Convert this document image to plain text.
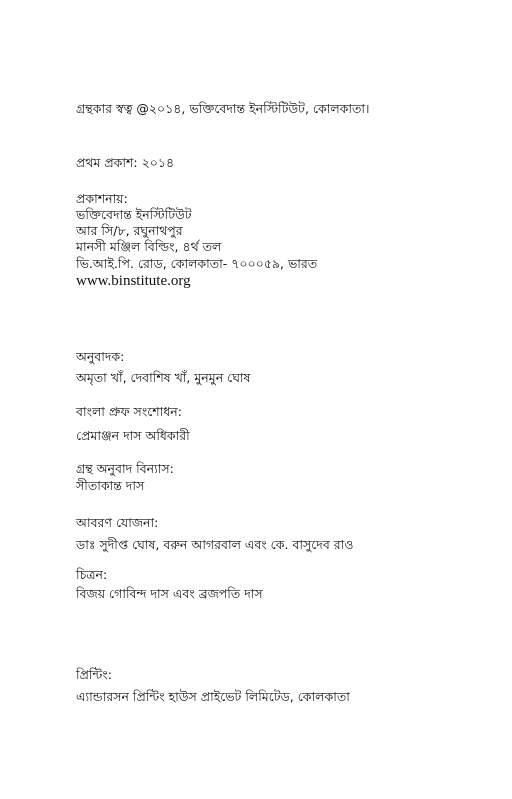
গ্রন্থকার স্বত্ব @২০১৪, ভক্তিবেদান্ত ইনস্টিটিউট, কোলকাতা।

প্রথম প্রকাশ: ২০১৪

প্রকাশনায়:

ভক্তিবেদান্ত ইনস্টিটিউট

আর সি/৮, রঘুনাথপুর

মানসী মঞ্জিল বিল্ডিং, ৪র্থ তল

ভি.আই.পি. রোড, কোলকাতা- ৭০০০৫৯, ভারত

www.binstitute.org

অনুবাদক:

অমৃতা খাঁ, দেবাশিষ খাঁ, মুনমুন ঘোষ

বাংলা প্রুফ সংশোধন:

প্রেমাঞ্জন দাস অধিকারী

গ্রন্থ অনুবাদ বিন্যাস:

সীতাকান্ত দাস

আবরণ যোজনা:

ডাঃ সুদীপ্ত ঘোষ, বরুন আগরবাল এবং কে. বাসুদেব রাও

চিত্রন:

বিজয় গোবিন্দ দাস এবং ব্রজপতি দাস

প্রিন্টিং:

এ্যান্ডারসন প্রিন্টিং হাউস প্রাইভেট লিমিটেড, কোলকাতা
